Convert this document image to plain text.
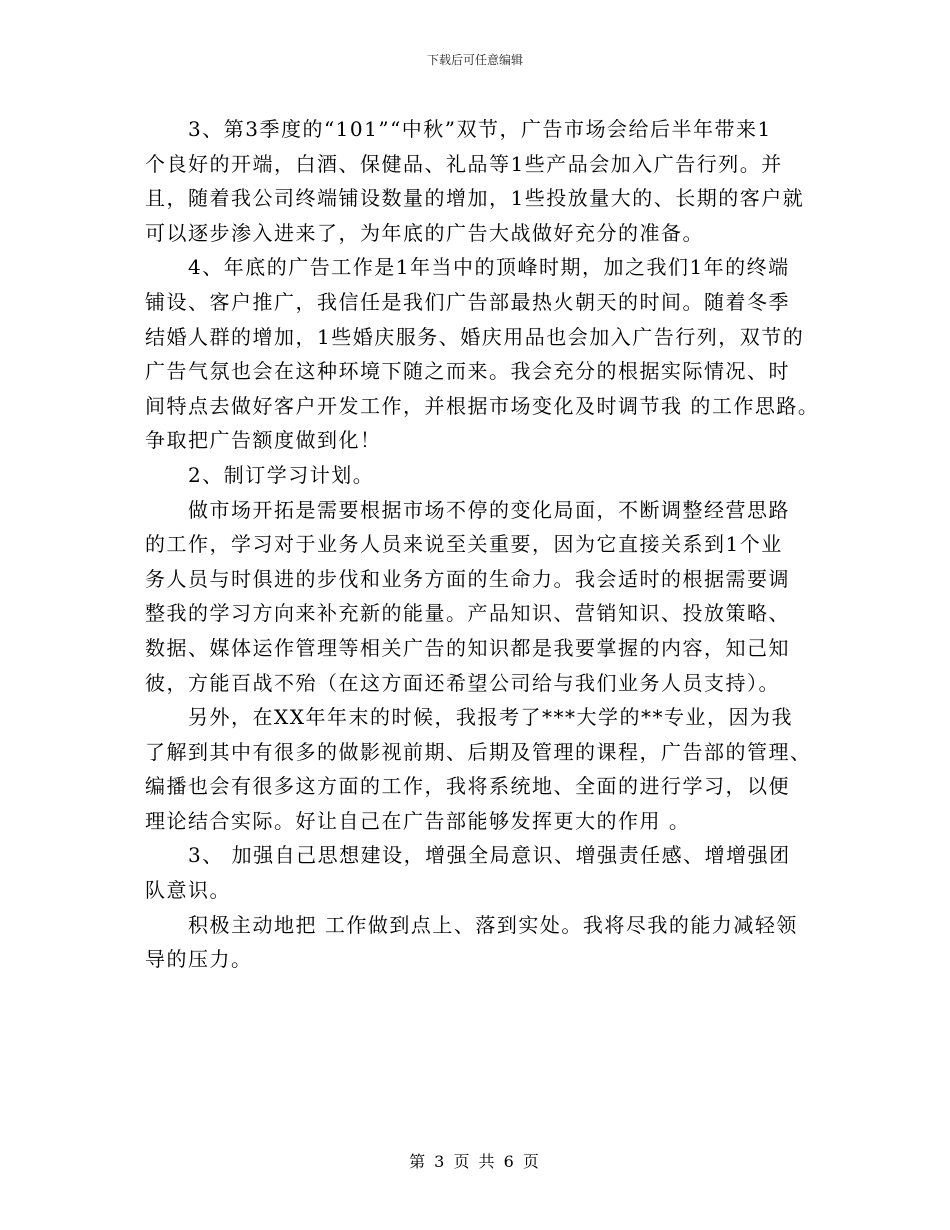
下载后可任意编辑

3、第3季度的“101”“中秋”双节，广告市场会给后半年带来1
个良好的开端，白酒、保健品、礼品等1些产品会加入广告行列。并
且，随着我公司终端铺设数量的增加，1些投放量大的、长期的客户就
可以逐步渗入进来了，为年底的广告大战做好充分的准备。

4、年底的广告工作是1年当中的顶峰时期，加之我们1年的终端
铺设、客户推广，我信任是我们广告部最热火朝天的时间。随着冬季
结婚人群的增加，1些婚庆服务、婚庆用品也会加入广告行列，双节的
广告气氛也会在这种环境下随之而来。我会充分的根据实际情况、时
间特点去做好客户开发工作，并根据市场变化及时调节我 的工作思路。
争取把广告额度做到化！

2、制订学习计划。

做市场开拓是需要根据市场不停的变化局面，不断调整经营思路
的工作，学习对于业务人员来说至关重要，因为它直接关系到1个业
务人员与时俱进的步伐和业务方面的生命力。我会适时的根据需要调
整我的学习方向来补充新的能量。产品知识、营销知识、投放策略、
数据、媒体运作管理等相关广告的知识都是我要掌握的内容，知己知
彼，方能百战不殆（在这方面还希望公司给与我们业务人员支持）。

另外，在XX年年末的时候，我报考了***大学的**专业，因为我
了解到其中有很多的做影视前期、后期及管理的课程，广告部的管理、
编播也会有很多这方面的工作，我将系统地、全面的进行学习，以便
理论结合实际。好让自己在广告部能够发挥更大的作用 。

3、 加强自己思想建设，增强全局意识、增强责任感、增增强团
队意识。

积极主动地把 工作做到点上、落到实处。我将尽我的能力减轻领
导的压力。

第 3 页 共 6 页
